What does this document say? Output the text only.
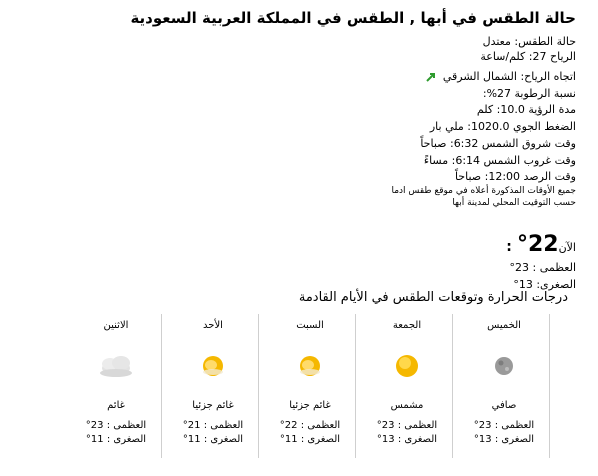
حالة الطقس في أبها , الطقس في المملكة العربية السعودية
حالة الطقس: معتدل
الرياح 27: كلم/ساعة
اتجاه الرياح: الشمال الشرقي
نسبة الرطوبة 27%:
مدة الرؤية 10.0: كلم
الضغط الجوي 1020.0: ملي بار
وقت شروق الشمس 6:32: صباحاً
وقت غروب الشمس 6:14: مساءً
وقت الرصد 12:00: صباحاً
جميع الأوقات المذكورة أعلاه في موقع طقس ادما
حسب التوقيت المحلي لمدينة أبها
الآن22° :
العظمى : 23°
الصغرى: 13°
درجات الحرارة وتوقعات الطقس في الأيام القادمة
الخميس
صافي
العظمى : 23°
الصغرى : 13°
الجمعة
مشمس
العظمى : 23°
الصغرى : 13°
السبت
غائم جزئيا
العظمى : 22°
الصغرى : 11°
الأحد
غائم جزئيا
العظمى : 21°
الصغرى : 11°
الاثنين
غائم
العظمى : 23°
الصغرى : 11°
